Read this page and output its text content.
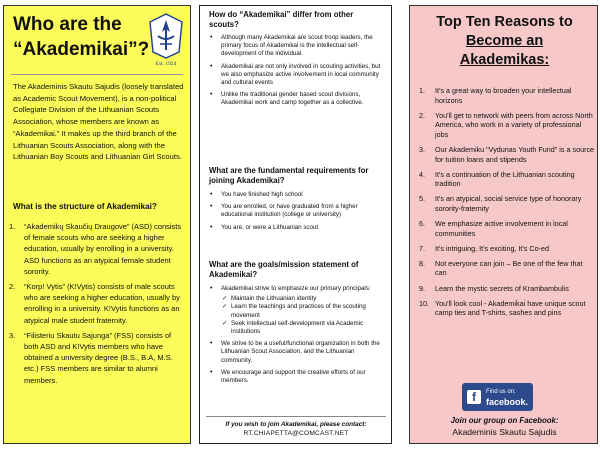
Who are the “Akademikai”?
Est. 1924
The Akademinis Skautu Sajudis (loosely translated as Academic Scout Movement), is a non-political Collegiate Division of the Lithuanian Scouts Association, whose members are known as “Akademikai.” It makes up the third branch of the Lithuanian Scouts Association, along with the Lithuanian Boy Scouts and Lithuanian Girl Scouts.
What is the structure of Akademikai?
1. “Akademikų Skaučių Draugove” (ASD) consists of female scouts who are seeking a higher education, usually by enrolling in a university. ASD functions as an atypical female student sorority.
2. “Korp! Vytis” (K!Vytis) consists of male scouts who are seeking a higher education, usually by enrolling in a university. K!Vytis functions as an atypical male student fraternity.
3. “Filisteriu Skautu Sajunga” (FSS) consists of both ASD and K!Vytis members who have obtained a university degree (B.S., B.A, M.S. etc.) FSS members are similar to alumni members.
How do “Akademikai” differ from other scouts?
• Although many Akademikai are scout troop leaders, the primary focus of Akademikai is the intellectual self-development of the individual.
• Akademikai are not only involved in scouting activities, but we also emphasize active involvement in local community and cultural events
• Unlike the traditional gender based scout divisions, Akademikai work and camp together as a collective.
What are the fundamental requirements for joining Akademikai?
• You have finished high school
• You are enrolled, or have graduated from a higher educational institution (college or university)
• You are, or were a Lithuanian scout
What are the goals/mission statement of Akademikai?
• Akademikai strive to emphasize our primary principals:
✓ Maintain the Lithuanian identity
✓ Learn the teachings and practices of the scouting movement
✓ Seek intellectual self-development via Academic institutions
• We strive to be a useful/functional organization in both the Lithuanian Scout Association, and the Lithuanian community.
• We encourage and support the creative efforts of our members.
If you wish to join Akademikai, please contact:
RT.CHIAPETTA@COMCAST.NET
Top Ten Reasons to
Become an
Akademikas:
1. It’s a great way to broaden your intellectual horizons
2. You'll get to network with peers from across North America, who work in a variety of professional jobs
3. Our Akademiku "Vydunas Youth Fund" is a source for tuition loans and stipends
4. It's a continuation of the Lithuanian scouting tradition
5. It's an atypical, social service type of honorary sorority-fraternity
6. We emphasize active involvement in local communities
7. It's intriguing, It's exciting, It's Co-ed
8. Not everyone can join – Be one of the few that can
9. Learn the mystic secrets of Krambambulis
10. You'll look cool - Akademikai have unique scout camp ties and T-shirts, sashes and pins
f	Find us on:
facebook.
Join our group on Facebook:
Akademinis Skautu Sajudis
